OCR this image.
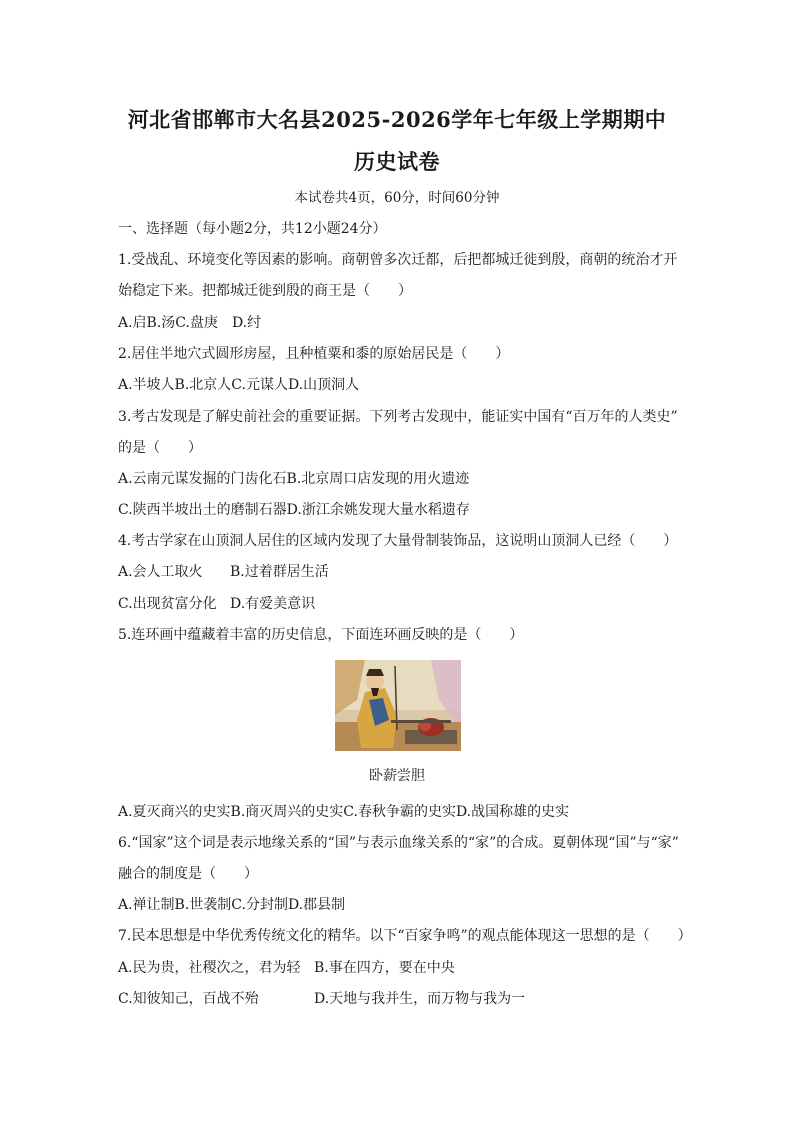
河北省邯郸市大名县2025-2026学年七年级上学期期中
历史试卷
本试卷共4页，60分，时间60分钟
一、选择题（每小题2分，共12小题24分）
1.受战乱、环境变化等因素的影响。商朝曾多次迁都，后把都城迁徙到殷，商朝的统治才开
始稳定下来。把都城迁徙到殷的商王是（　　）
A.启B.汤C.盘庚　D.纣
2.居住半地穴式圆形房屋，且种植粟和黍的原始居民是（　　）
A.半坡人B.北京人C.元谋人D.山顶洞人
3.考古发现是了解史前社会的重要证据。下列考古发现中，能证实中国有“百万年的人类史”
的是（　　）
A.云南元谋发掘的门齿化石B.北京周口店发现的用火遗迹
C.陕西半坡出土的磨制石器D.浙江余姚发现大量水稻遗存
4.考古学家在山顶洞人居住的区域内发现了大量骨制装饰品，这说明山顶洞人已经（　　）
A.会人工取火 B.过着群居生活
C.出现贫富分化 D.有爱美意识
5.连环画中蕴藏着丰富的历史信息，下面连环画反映的是（　　）
卧薪尝胆
A.夏灭商兴的史实B.商灭周兴的史实C.春秋争霸的史实D.战国称雄的史实
6.“国家”这个词是表示地缘关系的“国”与表示血缘关系的“家”的合成。夏朝体现“国”与“家”
融合的制度是（　　）
A.禅让制B.世袭制C.分封制D.郡县制
7.民本思想是中华优秀传统文化的精华。以下“百家争鸣”的观点能体现这一思想的是（　　）
A.民为贵，社稷次之，君为轻 B.事在四方，要在中央
C.知彼知己，百战不殆	D.天地与我并生，而万物与我为一
